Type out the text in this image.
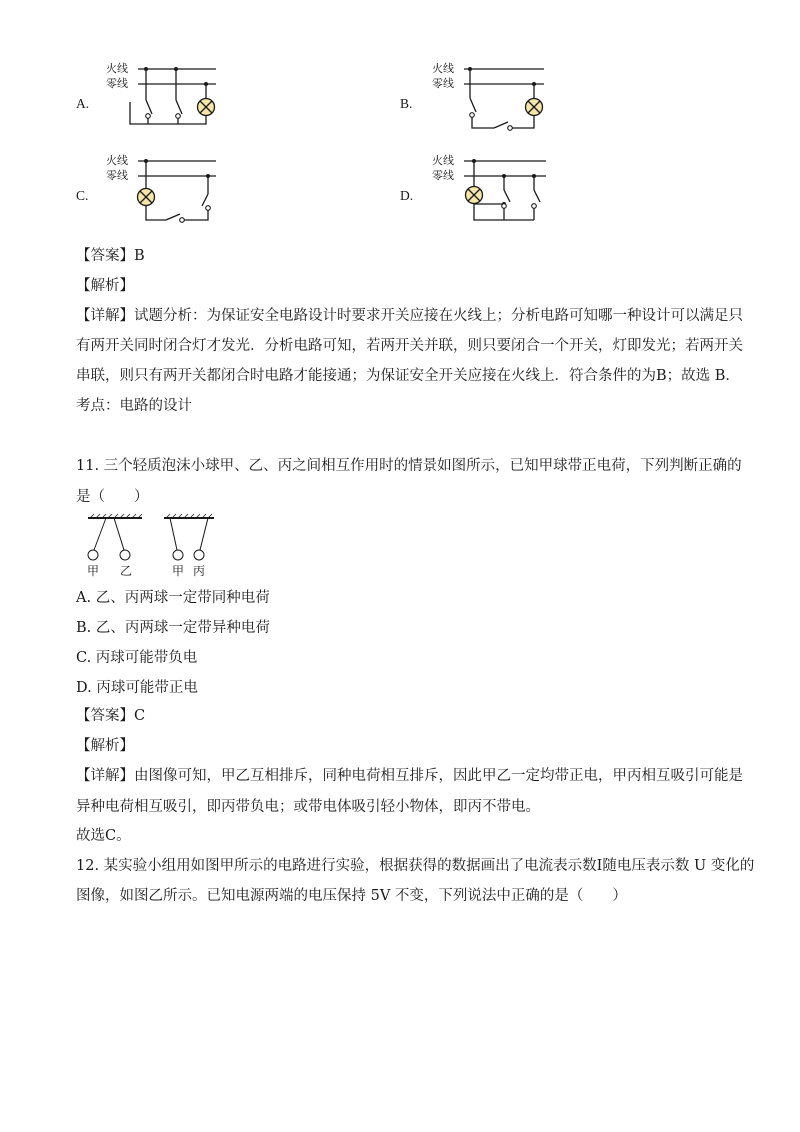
A.
火线
零线
B.
火线
零线
C.
火线
零线
D.
火线
零线
【答案】B
【解析】
【详解】试题分析：为保证安全电路设计时要求开关应接在火线上；分析电路可知哪一种设计可以满足只
有两开关同时闭合灯才发光．分析电路可知，若两开关并联，则只要闭合一个开关，灯即发光；若两开关
串联，则只有两开关都闭合时电路才能接通；为保证安全开关应接在火线上．符合条件的为B；故选 B．
考点：电路的设计
11. 三个轻质泡沫小球甲、乙、丙之间相互作用时的情景如图所示，已知甲球带正电荷，下列判断正确的
是（　　）
甲 乙	甲 丙
A. 乙、丙两球一定带同种电荷
B. 乙、丙两球一定带异种电荷
C. 丙球可能带负电
D. 丙球可能带正电
【答案】C
【解析】
【详解】由图像可知，甲乙互相排斥，同种电荷相互排斥，因此甲乙一定均带正电，甲丙相互吸引可能是
异种电荷相互吸引，即丙带负电；或带电体吸引轻小物体，即丙不带电。
故选C。
12. 某实验小组用如图甲所示的电路进行实验，根据获得的数据画出了电流表示数I随电压表示数 U 变化的
图像，如图乙所示。已知电源两端的电压保持 5V 不变，下列说法中正确的是（　　）
